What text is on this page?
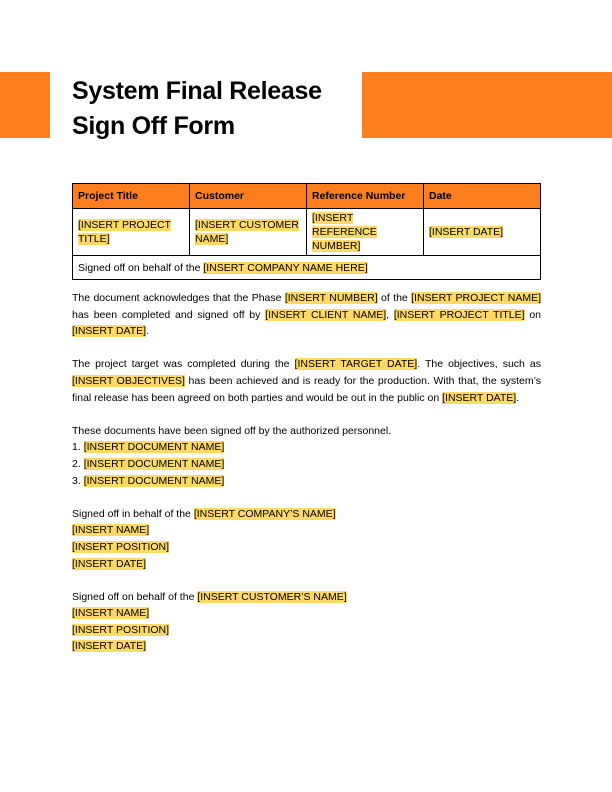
System Final Release
Sign Off Form
Project Title	Customer	Reference Number	Date
[INSERT PROJECT TITLE]	[INSERT CUSTOMER NAME]	[INSERT REFERENCE NUMBER]	[INSERT DATE]
Signed off on behalf of the [INSERT COMPANY NAME HERE]			

The document acknowledges that the Phase [INSERT NUMBER] of the [INSERT PROJECT NAME] has been completed and signed off by [INSERT CLIENT NAME], [INSERT PROJECT TITLE] on [INSERT DATE].

The project target was completed during the [INSERT TARGET DATE]. The objectives, such as [INSERT OBJECTIVES] has been achieved and is ready for the production. With that, the system’s final release has been agreed on both parties and would be out in the public on [INSERT DATE].

These documents have been signed off by the authorized personnel.

1. [INSERT DOCUMENT NAME]

2. [INSERT DOCUMENT NAME]

3. [INSERT DOCUMENT NAME]

Signed off in behalf of the [INSERT COMPANY’S NAME]

[INSERT NAME]

[INSERT POSITION]

[INSERT DATE]

Signed off on behalf of the [INSERT CUSTOMER’S NAME]

[INSERT NAME]

[INSERT POSITION]

[INSERT DATE]
